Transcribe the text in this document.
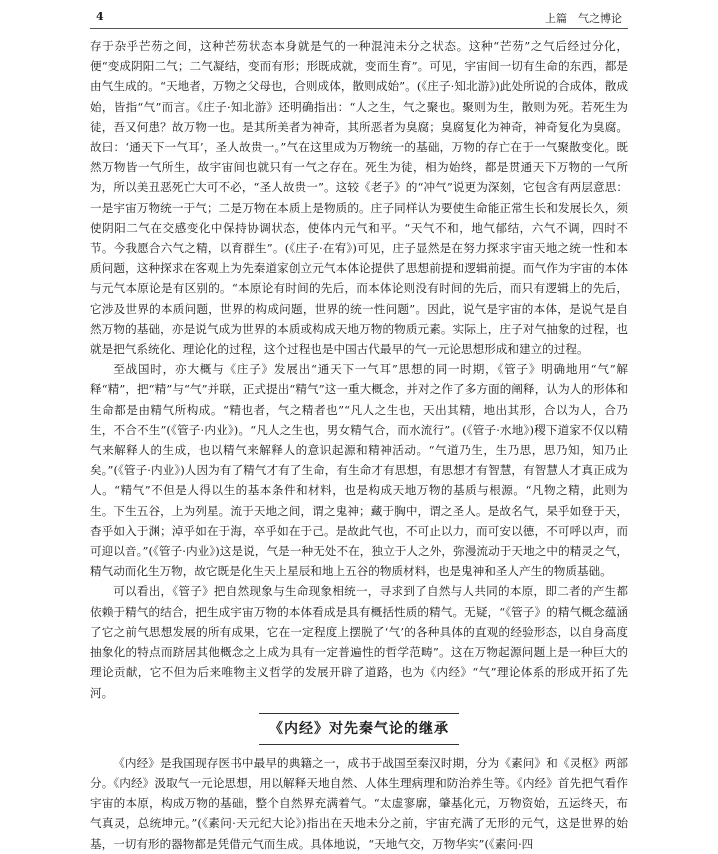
4	上篇　气之博论

存于杂乎芒芴之间，这种芒芴状态本身就是气的一种混沌未分之状态。这种“芒芴”之气后经过分化，便“变成阴阳二气；二气凝结，变而有形；形既成就，变而生育”。可见，宇宙间一切有生命的东西，都是由气生成的。“天地者，万物之父母也，合则成体，散则成始”。(《庄子·知北游》)此处所说的合成体，散成始，皆指“气”而言。《庄子·知北游》还明确指出：“人之生，气之聚也。聚则为生，散则为死。若死生为徒，吾又何患？故万物一也。是其所美者为神奇，其所恶者为臭腐；臭腐复化为神奇，神奇复化为臭腐。故曰：‘通天下一气耳’，圣人故贵一。”气在这里成为万物统一的基础，万物的存亡在于一气聚散变化。既然万物皆一气所生，故宇宙间也就只有一气之存在。死生为徒，相为始终，都是贯通天下万物的一气所为，所以美丑恶死亡大可不必，“圣人故贵一”。这较《老子》的“冲气”说更为深刻，它包含有两层意思：一是宇宙万物统一于气；二是万物在本质上是物质的。庄子同样认为要使生命能正常生长和发展长久，须使阴阳二气在交感变化中保持协调状态，使体内元气和平。“天气不和，地气郁结，六气不调，四时不节。今我愿合六气之精，以育群生”。(《庄子·在宥》)可见，庄子显然是在努力探求宇宙天地之统一性和本质问题，这种探求在客观上为先秦道家创立元气本体论提供了思想前提和逻辑前提。而气作为宇宙的本体与元气本原论是有区别的。“本原论有时间的先后，而本体论则没有时间的先后，而只有逻辑上的先后，它涉及世界的本质问题，世界的构成问题，世界的统一性问题”。因此，说气是宇宙的本体，是说气是自然万物的基础，亦是说气成为世界的本质或构成天地万物的物质元素。实际上，庄子对气抽象的过程，也就是把气系统化、理论化的过程，这个过程也是中国古代最早的气一元论思想形成和建立的过程。

至战国时，亦大概与《庄子》发展出“通天下一气耳”思想的同一时期，《管子》明确地用“气”解释“精”，把“精”与“气”并联，正式提出“精气”这一重大概念，并对之作了多方面的阐释，认为人的形体和生命都是由精气所构成。“精也者，气之精者也”“凡人之生也，天出其精，地出其形，合以为人，合乃生，不合不生”(《管子·内业》)。“凡人之生也，男女精气合，而水流行”。(《管子·水地》)稷下道家不仅以精气来解释人的生成，也以精气来解释人的意识起源和精神活动。“气道乃生，生乃思，思乃知，知乃止矣。”(《管子·内业》)人因为有了精气才有了生命，有生命才有思想，有思想才有智慧，有智慧人才真正成为人。“精气”不但是人得以生的基本条件和材料，也是构成天地万物的基质与根源。“凡物之精，此则为生。下生五谷，上为列星。流于天地之间，谓之鬼神；藏于胸中，谓之圣人。是故名气，杲乎如登于天，杳乎如入于渊；淖乎如在于海，卒乎如在于己。是故此气也，不可止以力，而可安以德，不可呼以声，而可迎以音。”(《管子·内业》)这是说，气是一种无处不在，独立于人之外，弥漫流动于天地之中的精灵之气，精气动而化生万物，故它既是化生天上星辰和地上五谷的物质材料，也是鬼神和圣人产生的物质基础。

可以看出，《管子》把自然现象与生命现象相统一，寻求到了自然与人共同的本原，即二者的产生都依赖于精气的结合，把生成宇宙万物的本体看成是具有概括性质的精气。无疑，“《管子》的精气概念蕴涵了它之前气思想发展的所有成果，它在一定程度上摆脱了‘气’的各种具体的直观的经验形态，以自身高度抽象化的特点而跻居其他概念之上成为具有一定普遍性的哲学范畴”。这在万物起源问题上是一种巨大的理论贡献，它不但为后来唯物主义哲学的发展开辟了道路，也为《内经》“气”理论体系的形成开拓了先河。

《内经》对先秦气论的继承

《内经》是我国现存医书中最早的典籍之一，成书于战国至秦汉时期，分为《素问》和《灵枢》两部分。《内经》汲取气一元论思想，用以解释天地自然、人体生理病理和防治养生等。《内经》首先把气看作宇宙的本原，构成万物的基础，整个自然界充满着气。“太虚寥廓，肇基化元，万物资始，五运终天，布气真灵，总统坤元。”(《素问·天元纪大论》)指出在天地未分之前，宇宙充满了无形的元气，这是世界的始基，一切有形的器物都是凭借元气而生成。具体地说，“天地气交，万物华实”(《素问·四
